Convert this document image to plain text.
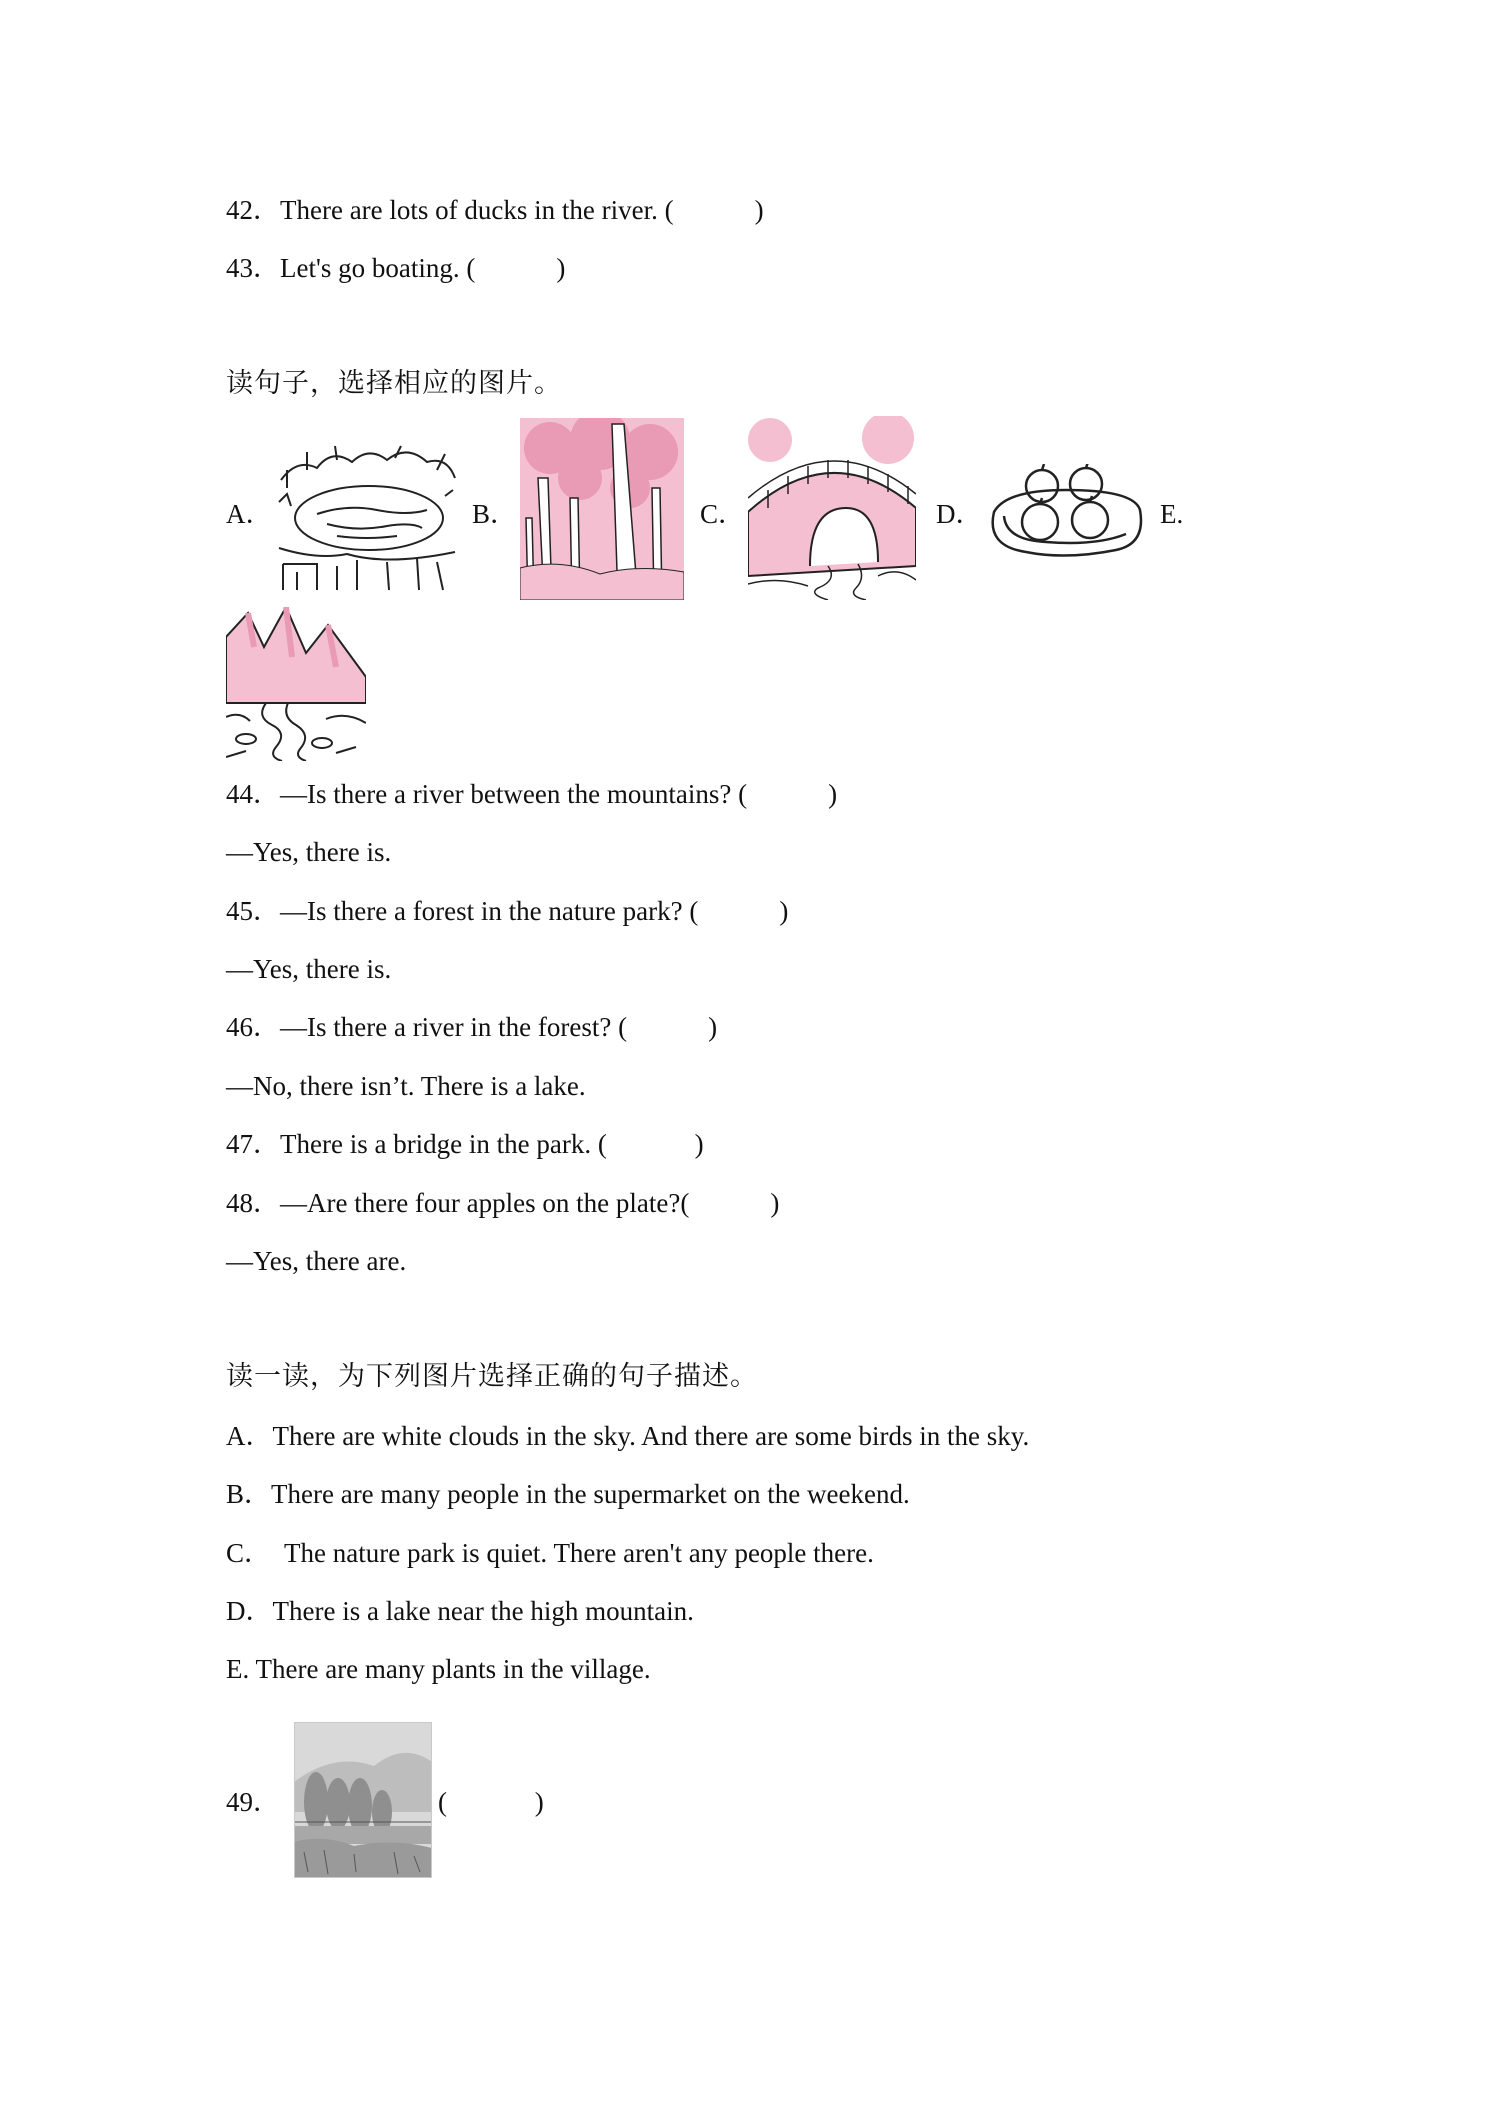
42．There are lots of ducks in the river. (            )
43．Let's go boating. (            )
读句子，选择相应的图片。
A．	B．	C．	D．	E.
44．—Is there a river between the mountains? (            )
—Yes, there is.
45．—Is there a forest in the nature park? (            )
—Yes, there is.
46．—Is there a river in the forest? (            )
—No, there isn’t. There is a lake.
47．There is a bridge in the park. (             )
48．—Are there four apples on the plate?(            )
—Yes, there are.
读一读，为下列图片选择正确的句子描述。
A．There are white clouds in the sky. And there are some birds in the sky.
B．There are many people in the supermarket on the weekend.
C．  The nature park is quiet. There aren't any people there.
D．There is a lake near the high mountain.
E. There are many plants in the village.
49．	(             )
